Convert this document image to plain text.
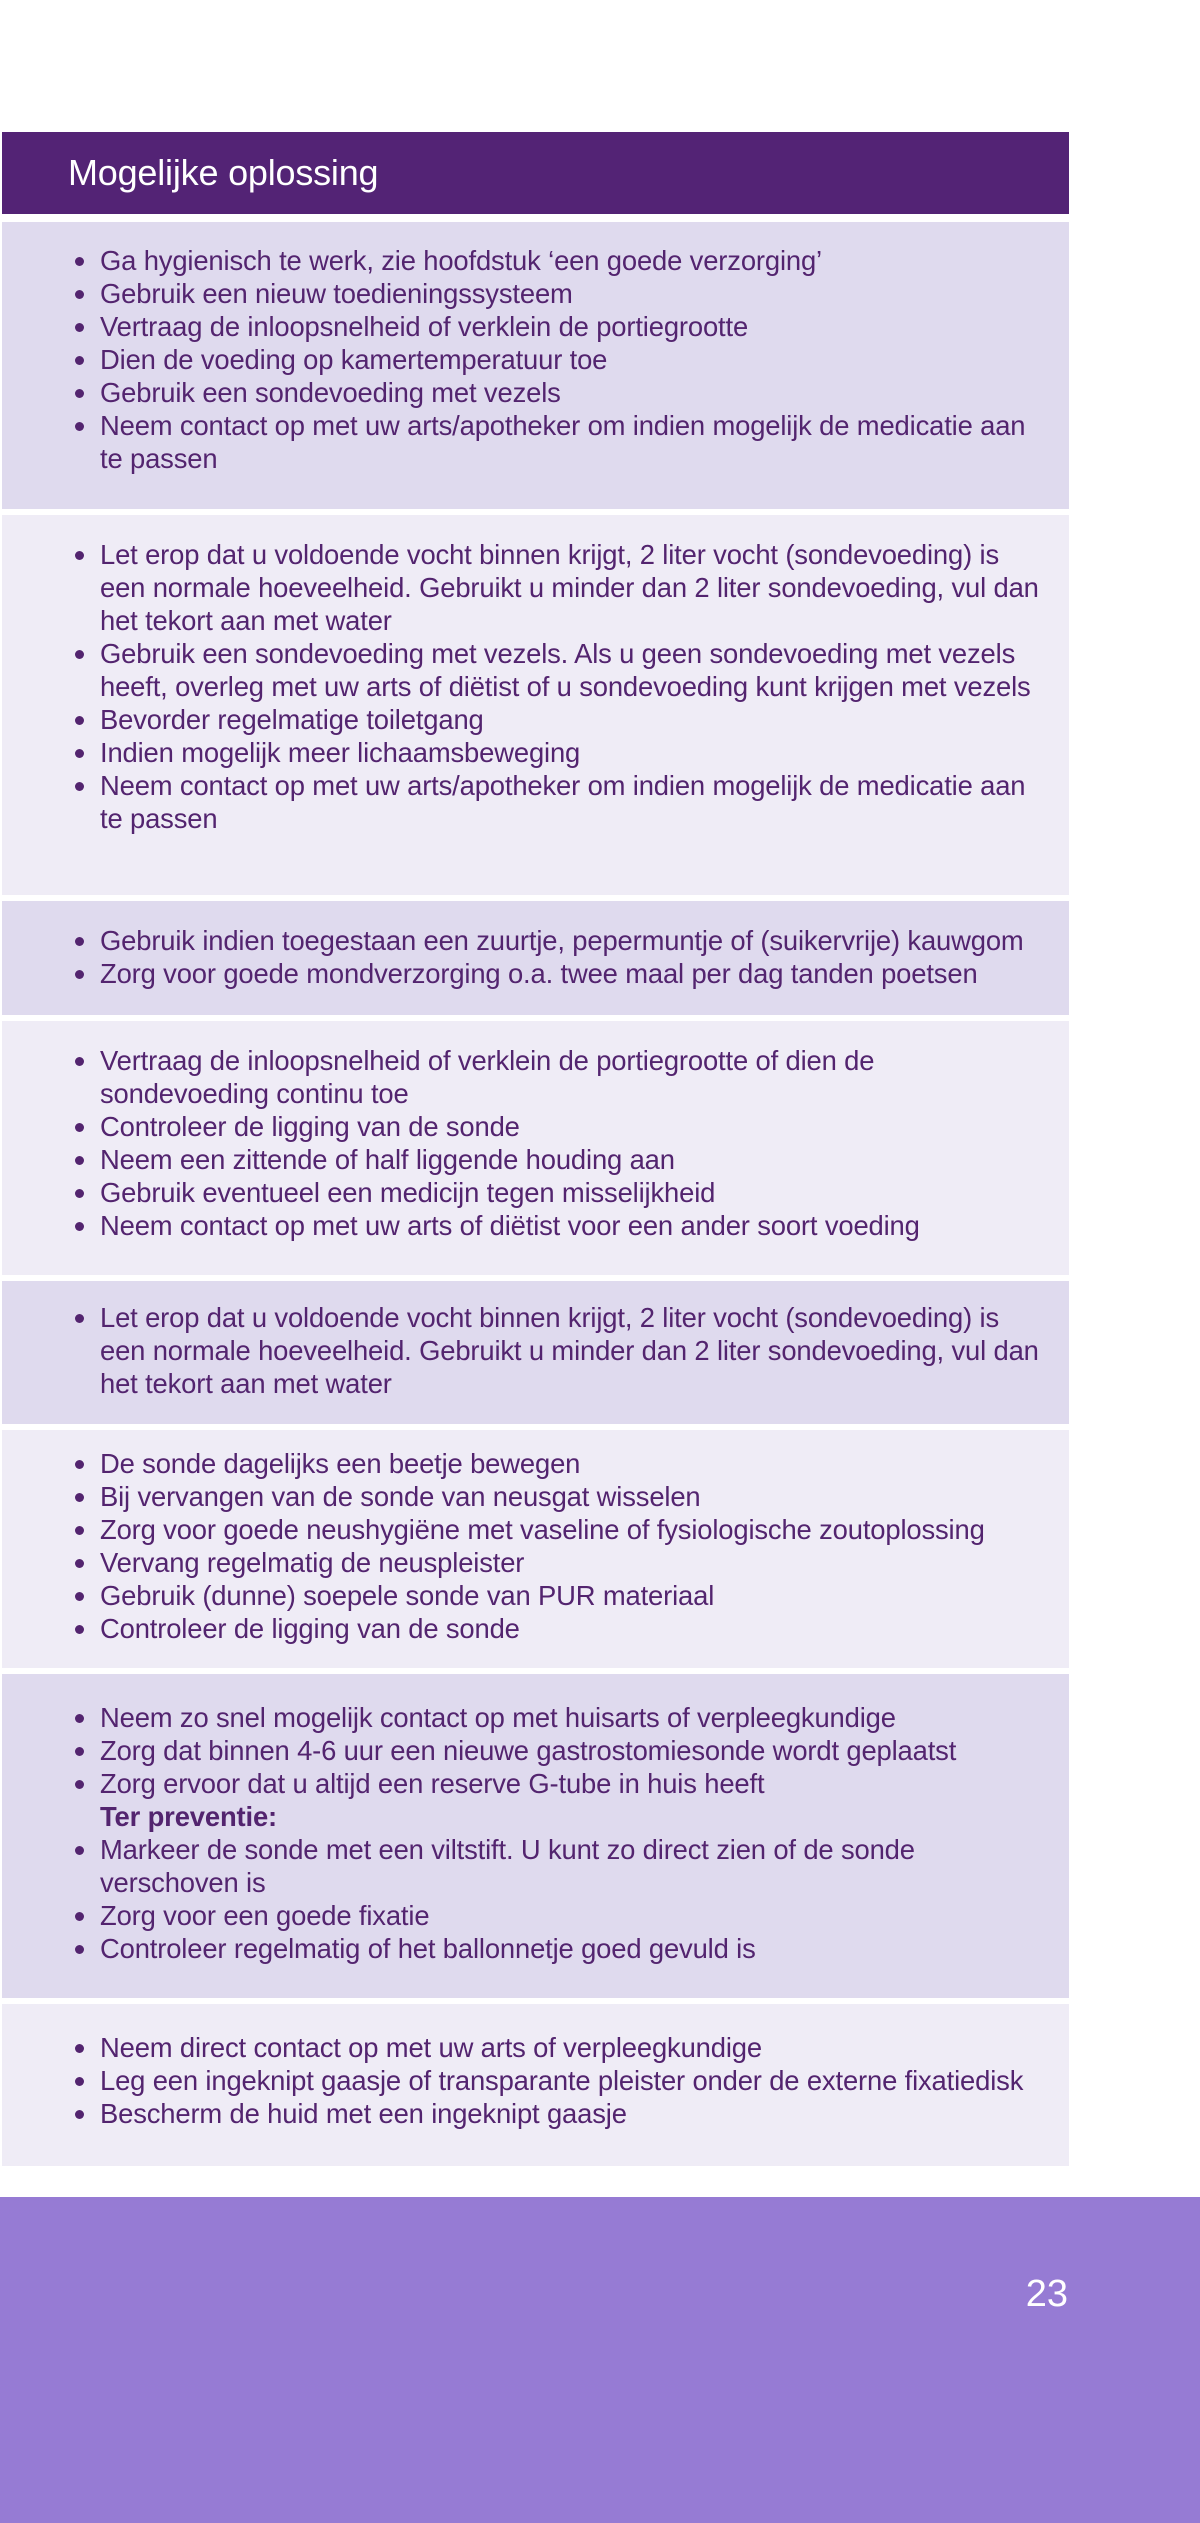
Mogelijke oplossing
Ga hygienisch te werk, zie hoofdstuk ‘een goede verzorging’
Gebruik een nieuw toedieningssysteem
Vertraag de inloopsnelheid of verklein de portiegrootte
Dien de voeding op kamertemperatuur toe
Gebruik een sondevoeding met vezels
Neem contact op met uw arts/apotheker om indien mogelijk de medicatie aan te passen
Let erop dat u voldoende vocht binnen krijgt, 2 liter vocht (sondevoeding) is een normale hoeveelheid. Gebruikt u minder dan 2 liter sondevoeding, vul dan het tekort aan met water
Gebruik een sondevoeding met vezels. Als u geen sondevoeding met vezels heeft, overleg met uw arts of diëtist of u sondevoeding kunt krijgen met vezels
Bevorder regelmatige toiletgang
Indien mogelijk meer lichaamsbeweging
Neem contact op met uw arts/apotheker om indien mogelijk de medicatie aan te passen
Gebruik indien toegestaan een zuurtje, pepermuntje of (suikervrije) kauwgom
Zorg voor goede mondverzorging o.a. twee maal per dag tanden poetsen
Vertraag de inloopsnelheid of verklein de portiegrootte of dien de sondevoeding continu toe
Controleer de ligging van de sonde
Neem een zittende of half liggende houding aan
Gebruik eventueel een medicijn tegen misselijkheid
Neem contact op met uw arts of diëtist voor een ander soort voeding
Let erop dat u voldoende vocht binnen krijgt, 2 liter vocht (sondevoeding) is een normale hoeveelheid. Gebruikt u minder dan 2 liter sondevoeding, vul dan het tekort aan met water
De sonde dagelijks een beetje bewegen
Bij vervangen van de sonde van neusgat wisselen
Zorg voor goede neushygiëne met vaseline of fysiologische zoutoplossing
Vervang regelmatig de neuspleister
Gebruik (dunne) soepele sonde van PUR materiaal
Controleer de ligging van de sonde
Neem zo snel mogelijk contact op met huisarts of verpleegkundige
Zorg dat binnen 4-6 uur een nieuwe gastrostomiesonde wordt geplaatst
Zorg ervoor dat u altijd een reserve G-tube in huis heeft
Ter preventie:
Markeer de sonde met een viltstift. U kunt zo direct zien of de sonde verschoven is
Zorg voor een goede fixatie
Controleer regelmatig of het ballonnetje goed gevuld is
Neem direct contact op met uw arts of verpleegkundige
Leg een ingeknipt gaasje of transparante pleister onder de externe fixatiedisk
Bescherm de huid met een ingeknipt gaasje
23
